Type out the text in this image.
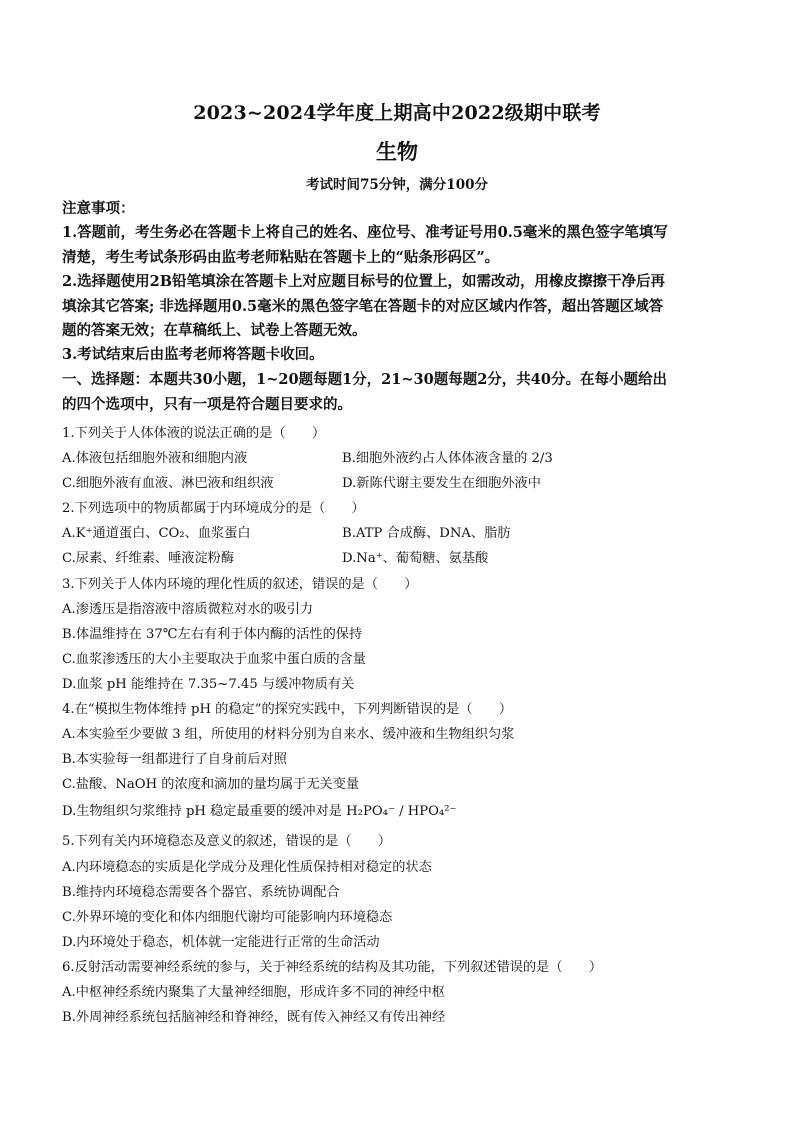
2023~2024学年度上期高中2022级期中联考
生物
考试时间75分钟，满分100分
注意事项：
1.答题前，考生务必在答题卡上将自己的姓名、座位号、准考证号用0.5毫米的黑色签字笔填写
清楚，考生考试条形码由监考老师粘贴在答题卡上的“贴条形码区”。
2.选择题使用2B铅笔填涂在答题卡上对应题目标号的位置上，如需改动，用橡皮擦擦干净后再
填涂其它答案; 非选择题用0.5毫米的黑色签字笔在答题卡的对应区域内作答，超出答题区域答
题的答案无效；在草稿纸上、试卷上答题无效。
3.考试结束后由监考老师将答题卡收回。
一、选择题：本题共30小题，1~20题每题1分，21~30题每题2分，共40分。在每小题给出
的四个选项中，只有一项是符合题目要求的。
1.下列关于人体体液的说法正确的是（　　）
A.体液包括细胞外液和细胞内液	B.细胞外液约占人体体液含量的 2/3
C.细胞外液有血液、淋巴液和组织液	D.新陈代谢主要发生在细胞外液中
2.下列选项中的物质都属于内环境成分的是（　　）
A.K⁺通道蛋白、CO₂、血浆蛋白	B.ATP 合成酶、DNA、脂肪
C.尿素、纤维素、唾液淀粉酶	D.Na⁺、葡萄糖、氨基酸
3.下列关于人体内环境的理化性质的叙述，错误的是（　　）
A.渗透压是指溶液中溶质微粒对水的吸引力
B.体温维持在 37℃左右有利于体内酶的活性的保持
C.血浆渗透压的大小主要取决于血浆中蛋白质的含量
D.血浆 pH 能维持在 7.35~7.45 与缓冲物质有关
4.在“模拟生物体维持 pH 的稳定”的探究实践中，下列判断错误的是（　　）
A.本实验至少要做 3 组，所使用的材料分别为自来水、缓冲液和生物组织匀浆
B.本实验每一组都进行了自身前后对照
C.盐酸、NaOH 的浓度和滴加的量均属于无关变量
D.生物组织匀浆维持 pH 稳定最重要的缓冲对是 H₂PO₄⁻ / HPO₄²⁻
5.下列有关内环境稳态及意义的叙述，错误的是（　　）
A.内环境稳态的实质是化学成分及理化性质保持相对稳定的状态
B.维持内环境稳态需要各个器官、系统协调配合
C.外界环境的变化和体内细胞代谢均可能影响内环境稳态
D.内环境处于稳态，机体就一定能进行正常的生命活动
6.反射活动需要神经系统的参与，关于神经系统的结构及其功能，下列叙述错误的是（　　）
A.中枢神经系统内聚集了大量神经细胞，形成许多不同的神经中枢
B.外周神经系统包括脑神经和脊神经，既有传入神经又有传出神经
